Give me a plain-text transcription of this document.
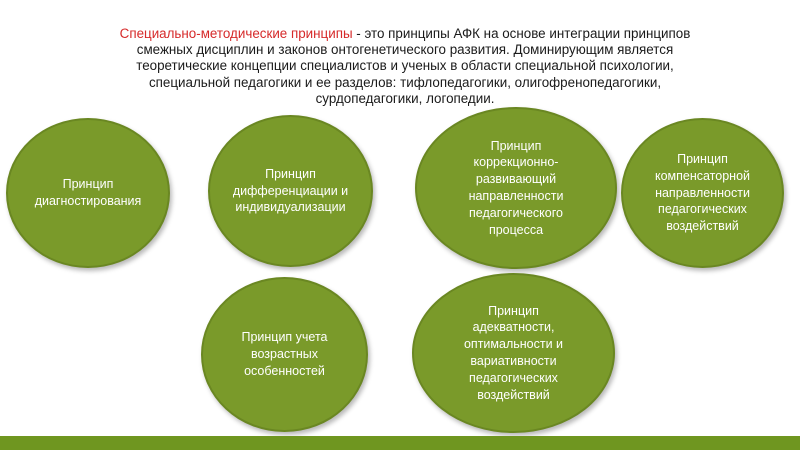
Специально-методические принципы - это принципы АФК на основе интеграции принципов смежных дисциплин и законов онтогенетического развития. Доминирующим является теоретические концепции специалистов и ученых в области специальной психологии, специальной педагогики и ее разделов: тифлопедагогики, олигофренопедагогики, сурдопедагогики, логопедии.
Принцип диагностирования
Принцип дифференциации и индивидуализации
Принцип коррекционно-развивающий направленности педагогического процесса
Принцип компенсаторной направленности педагогических воздействий
Принцип учета возрастных особенностей
Принцип адекватности, оптимальности и вариативности педагогических воздействий
